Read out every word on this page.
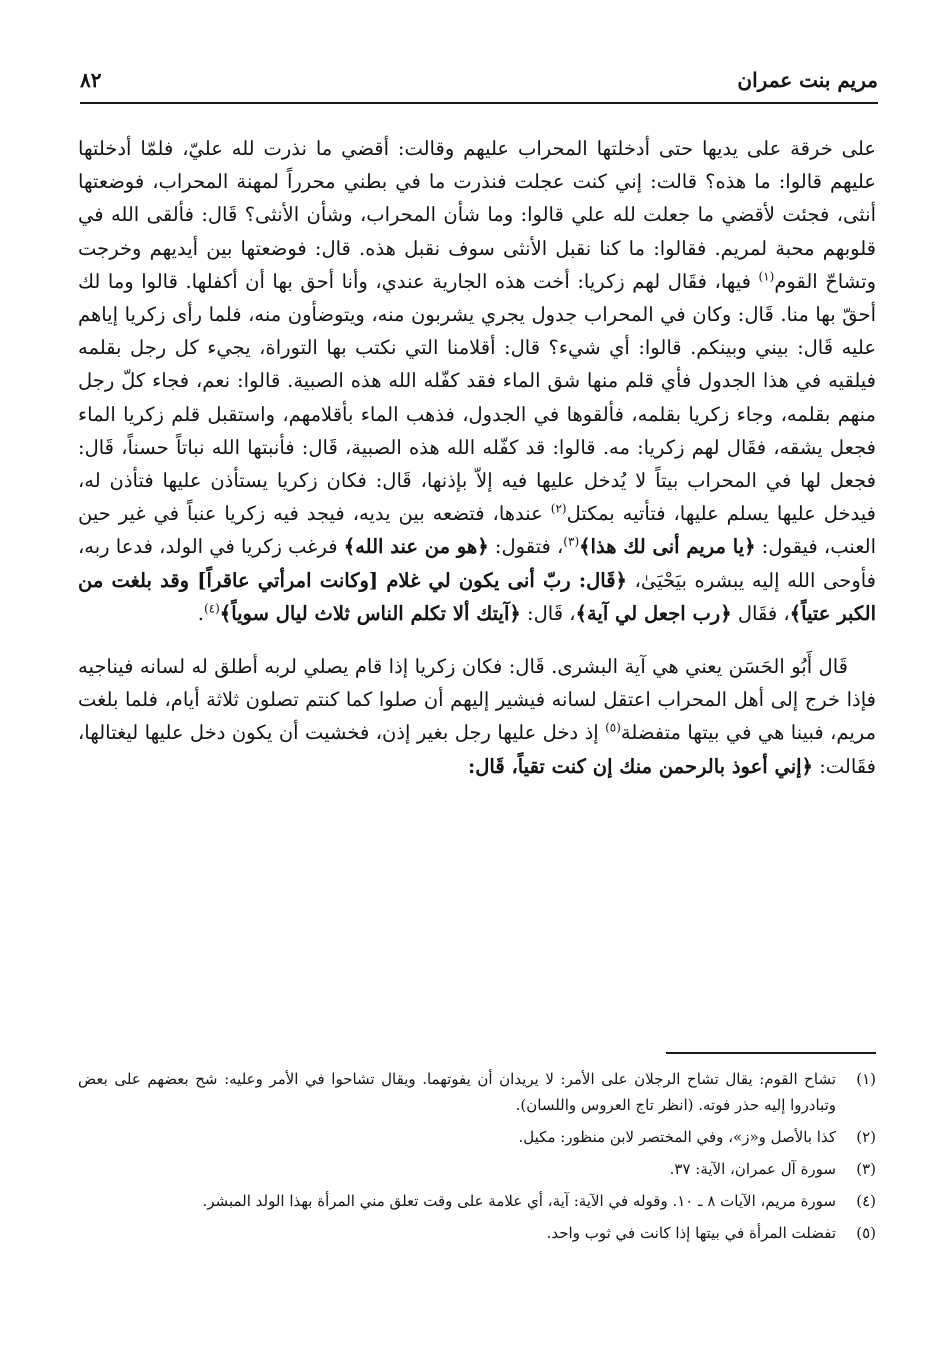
مريم بنت عمران
٨٢

على خرقة على يديها حتى أدخلتها المحراب عليهم وقالت: أقضي ما نذرت لله عليّ، فلمّا أدخلتها عليهم قالوا: ما هذه؟ قالت: إني كنت عجلت فنذرت ما في بطني محرراً لمهنة المحراب، فوضعتها أنثى، فجئت لأقضي ما جعلت لله علي قالوا: وما شأن المحراب، وشأن الأنثى؟ قَال: فألقى الله في قلوبهم محبة لمريم. فقالوا: ما كنا نقبل الأنثى سوف نقبل هذه. قال: فوضعتها بين أيديهم وخرجت وتشاحّ القوم$^{(١)}$ فيها، فقَال لهم زكريا: أخت هذه الجارية عندي، وأنا أحق بها أن أكفلها. قالوا وما لك أحقّ بها منا. قَال: وكان في المحراب جدول يجري يشربون منه، ويتوضأون منه، فلما رأى زكريا إياهم عليه قَال: بيني وبينكم. قالوا: أي شيء؟ قال: أقلامنا التي نكتب بها التوراة، يجيء كل رجل بقلمه فيلقيه في هذا الجدول فأي قلم منها شق الماء فقد كفّله الله هذه الصبية. قالوا: نعم، فجاء كلّ رجل منهم بقلمه، وجاء زكريا بقلمه، فألقوها في الجدول، فذهب الماء بأقلامهم، واستقبل قلم زكريا الماء فجعل يشقه، فقَال لهم زكريا: مه. قالوا: قد كفّله الله هذه الصبية، قَال: فأنبتها الله نباتاً حسناً، قَال: فجعل لها في المحراب بيتاً لا يُدخل عليها فيه إلاّ بإذنها، قَال: فكان زكريا يستأذن عليها فتأذن له، فيدخل عليها يسلم عليها، فتأتيه بمكتل$^{(٢)}$ عندها، فتضعه بين يديه، فيجد فيه زكريا عنباً في غير حين العنب، فيقول: ﴿يا مريم أنى لك هذا﴾$^{(٣)}$، فتقول: ﴿هو من عند الله﴾ فرغب زكريا في الولد، فدعا ربه، فأوحى الله إليه يبشره بيَحْيَىٰ، ﴿قَال: ربّ أنى يكون لي غلام [وكانت امرأتي عاقراً] وقد بلغت من الكبر عتياً﴾، فقَال ﴿رب اجعل لي آية﴾، قَال: ﴿آيتك ألا تكلم الناس ثلاث ليال سوياً﴾$^{(٤)}$.

قَال أَبُو الحَسَن يعني هي آية البشرى. قَال: فكان زكريا إذا قام يصلي لربه أطلق له لسانه فيناجيه فإذا خرج إلى أهل المحراب اعتقل لسانه فيشير إليهم أن صلوا كما كنتم تصلون ثلاثة أيام، فلما بلغت مريم، فبينا هي في بيتها متفضلة$^{(٥)}$ إذ دخل عليها رجل بغير إذن، فخشيت أن يكون دخل عليها ليغتالها، فقَالت: ﴿إني أعوذ بالرحمن منك إن كنت تقياً، قَال:

(١)
تشاح القوم: يقال تشاح الرجلان على الأمر: لا يريدان أن يفوتهما. ويقال تشاحوا في الأمر وعليه: شح بعضهم على بعض وتبادروا إليه حذر فوته. (انظر تاج العروس واللسان).
(٢)
كذا بالأصل و«ز»، وفي المختصر لابن منظور: مكيل.
(٣)
سورة آل عمران، الآية: ٣٧.
(٤)
سورة مريم، الآيات ٨ ـ ١٠. وقوله في الآية: آية، أي علامة على وقت تعلق مني المرأة بهذا الولد المبشر.
(٥)
تفضلت المرأة في بيتها إذا كانت في ثوب واحد.
